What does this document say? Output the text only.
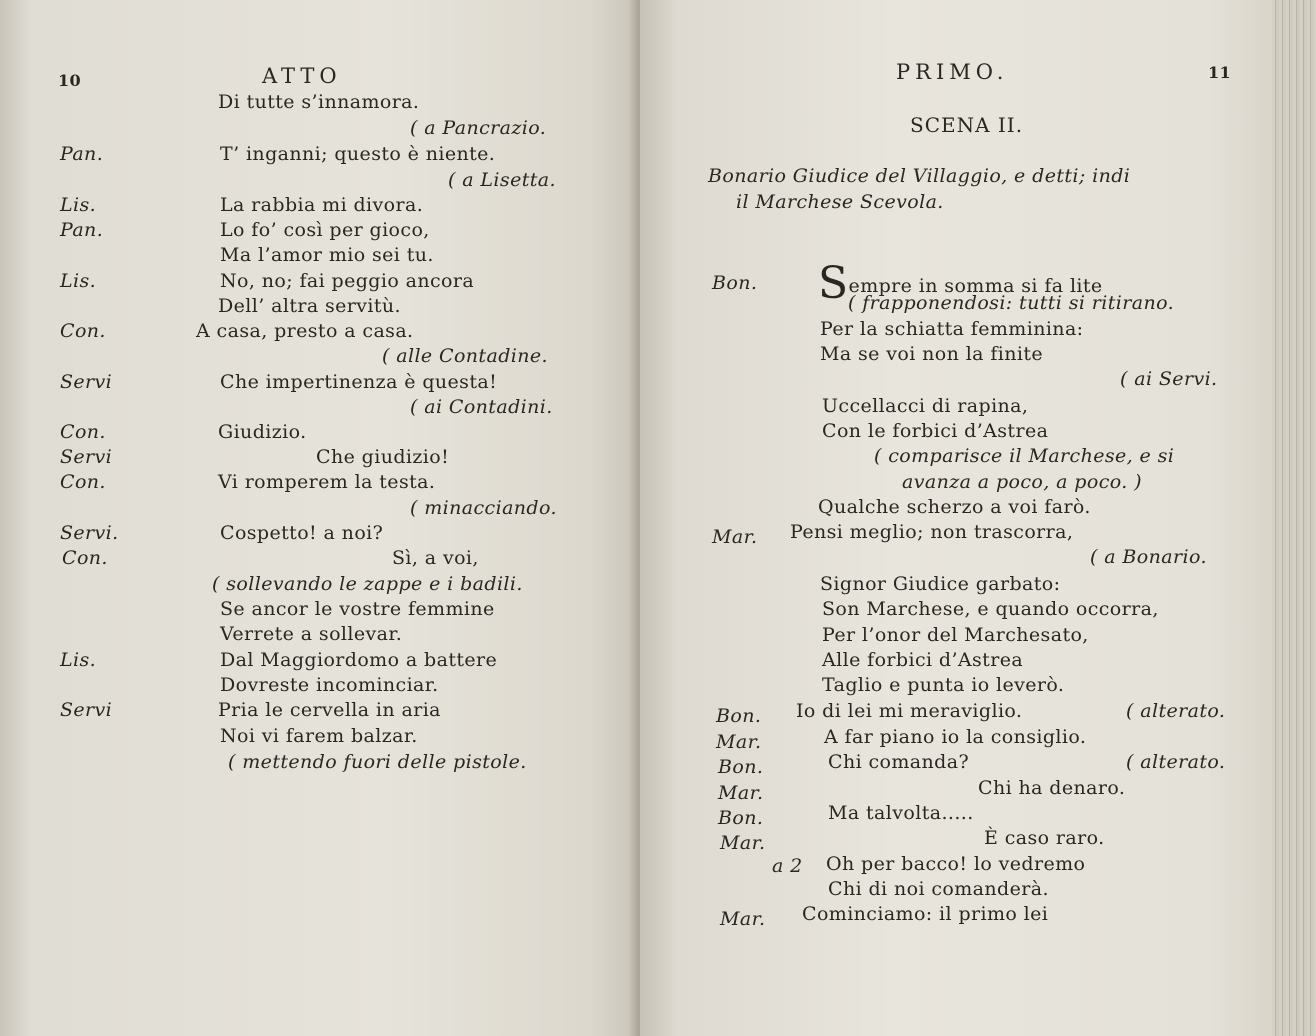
10	ATTO
Di tutte s’innamora.
( a Pancrazio.
Pan.	T’ inganni; questo è niente.
( a Lisetta.
Lis.	La rabbia mi divora.
Pan.	Lo fo’ così per gioco,
Ma l’amor mio sei tu.
Lis.	No, no; fai peggio ancora
Dell’ altra servitù.
Con.	A casa, presto a casa.
( alle Contadine.
Servi	Che impertinenza è questa!
( ai Contadini.
Con.	Giudizio.
Servi	Che giudizio!
Con.	Vi romperem la testa.
( minacciando.
Servi.	Cospetto! a noi?
Con.	Sì, a voi,
( sollevando le zappe e i badili.
Se ancor le vostre femmine
Verrete a sollevar.
Lis.	Dal Maggiordomo a battere
Dovreste incominciar.
Servi	Pria le cervella in aria
Noi vi farem balzar.
( mettendo fuori delle pistole.
PRIMO.	11
SCENA II.
Bonario Giudice del Villaggio, e detti; indi
il Marchese Scevola.
Bon. Sempre in somma si fa lite
( frapponendosi: tutti si ritirano.
Per la schiatta femminina:
Ma se voi non la finite
( ai Servi.
Uccellacci di rapina,
Con le forbici d’Astrea
( comparisce il Marchese, e si
avanza a poco, a poco. )
Qualche scherzo a voi farò.
Mar. Pensi meglio; non trascorra,
( a Bonario.
Signor Giudice garbato:
Son Marchese, e quando occorra,
Per l’onor del Marchesato,
Alle forbici d’Astrea
Taglio e punta io leverò.
Bon. Io di lei mi meraviglio.	( alterato.
Mar.	A far piano io la consiglio.
Bon.	Chi comanda?	( alterato.
Mar.	Chi ha denaro.
Bon.	Ma talvolta.....
Mar.	È caso raro.
a 2 Oh per bacco! lo vedremo
Chi di noi comanderà.
Mar. Cominciamo: il primo lei
